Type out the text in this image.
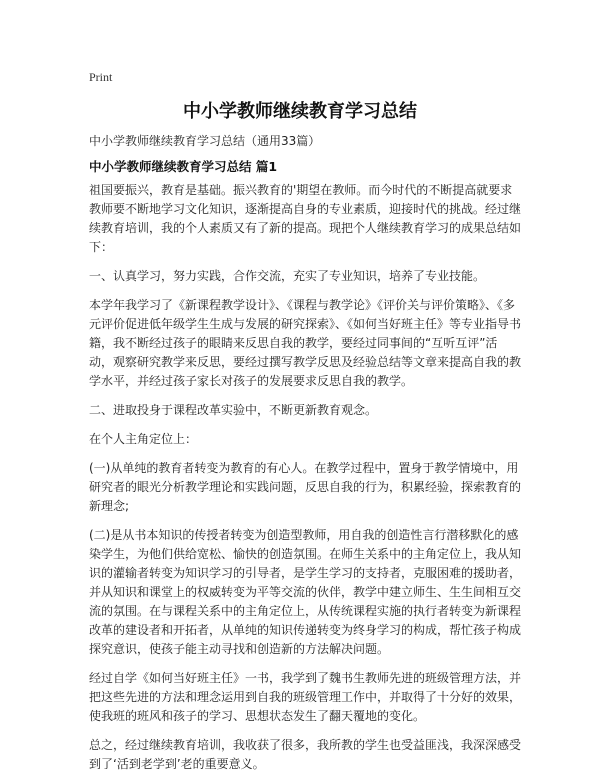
Print
中小学教师继续教育学习总结
中小学教师继续教育学习总结（通用33篇）
中小学教师继续教育学习总结 篇1

祖国要振兴，教育是基础。振兴教育的'期望在教师。而今时代的不断提高就要求教师要不断地学习文化知识，逐渐提高自身的专业素质，迎接时代的挑战。经过继续教育培训，我的个人素质又有了新的提高。现把个人继续教育学习的成果总结如下：

一、认真学习，努力实践，合作交流，充实了专业知识，培养了专业技能。

本学年我学习了《新课程教学设计》、《课程与教学论》《评价关与评价策略》、《多元评价促进低年级学生生成与发展的研究探索》、《如何当好班主任》等专业指导书籍，我不断经过孩子的眼睛来反思自我的教学，要经过同事间的“互听互评”活动，观察研究教学来反思，要经过撰写教学反思及经验总结等文章来提高自我的教学水平，并经过孩子家长对孩子的发展要求反思自我的教学。

二、进取投身于课程改革实验中，不断更新教育观念。

在个人主角定位上：

(一)从单纯的教育者转变为教育的有心人。在教学过程中，置身于教学情境中，用研究者的眼光分析教学理论和实践问题，反思自我的行为，积累经验，探索教育的新理念;

(二)是从书本知识的传授者转变为创造型教师，用自我的创造性言行潜移默化的感染学生，为他们供给宽松、愉快的创造氛围。在师生关系中的主角定位上，我从知识的灌输者转变为知识学习的引导者，是学生学习的支持者，克服困难的援助者，并从知识和课堂上的权威转变为平等交流的伙伴，教学中建立师生、生生间相互交流的氛围。在与课程关系中的主角定位上，从传统课程实施的执行者转变为新课程改革的建设者和开拓者，从单纯的知识传递转变为终身学习的构成，帮忙孩子构成探究意识，使孩子能主动寻找和创造新的方法解决问题。

经过自学《如何当好班主任》一书，我学到了魏书生教师先进的班级管理方法，并把这些先进的方法和理念运用到自我的班级管理工作中，并取得了十分好的效果，使我班的班风和孩子的学习、思想状态发生了翻天覆地的变化。

总之，经过继续教育培训，我收获了很多，我所教的学生也受益匪浅，我深深感受到了‘活到老学到’老的重要意义。
